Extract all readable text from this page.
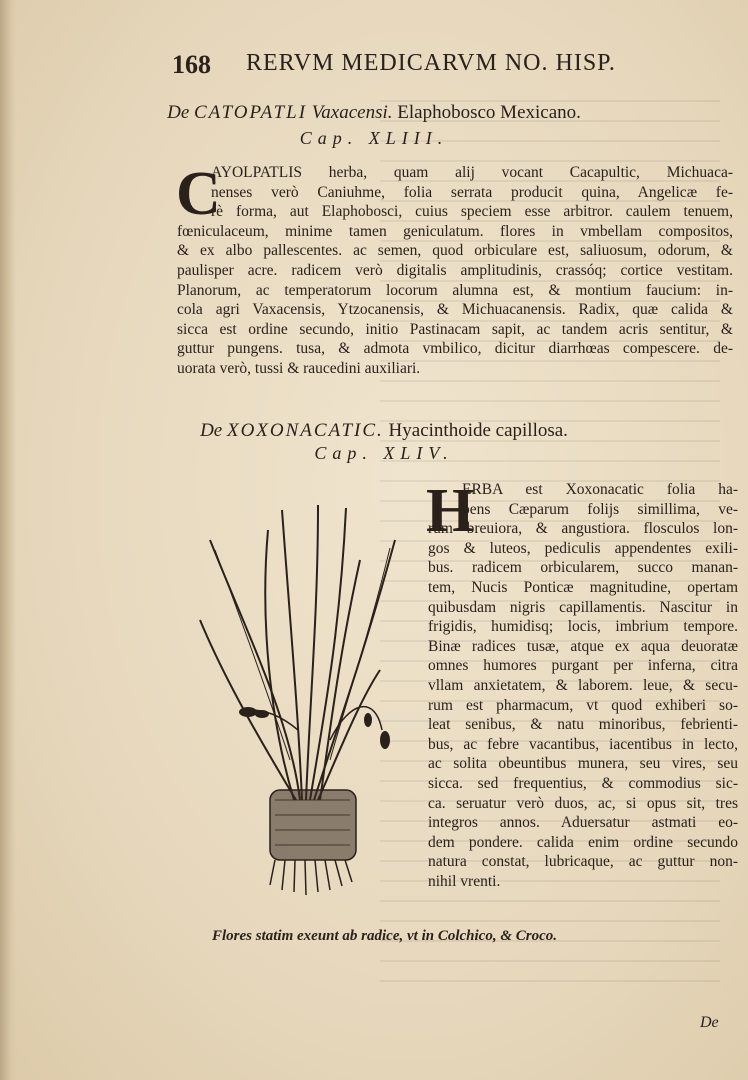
168 RERVM MEDICARVM NO. HISP.
De CATOPATLI Vaxacensi. Elaphobosco Mexicano.
Cap. XLIII.
C
AYOLPATLIS herba, quam alij vocant Cacapultic, Michuaca-
nenses verò Caniuhme, folia serrata producit quina, Angelicæ fe-
rè forma, aut Elaphobosci, cuius speciem esse arbitror. caulem tenuem,
fœniculaceum, minime tamen geniculatum. flores in vmbellam compositos,
& ex albo pallescentes. ac semen, quod orbiculare est, saliuosum, odorum, &
paulisper acre. radicem verò digitalis amplitudinis, crassóq; cortice vestitam.
Planorum, ac temperatorum locorum alumna est, & montium faucium: in-
cola agri Vaxacensis, Ytzocanensis, & Michuacanensis. Radix, quæ calida &
sicca est ordine secundo, initio Pastinacam sapit, ac tandem acris sentitur, &
guttur pungens. tusa, & admota vmbilico, dicitur diarrhœas compescere. de-
uorata verò, tussi & raucedini auxiliari.
De XOXONACATIC. Hyacinthoide capillosa.
Cap. XLIV.
H
ERBA est Xoxonacatic folia ha-
bens Cæparum folijs simillima, ve-
rum breuiora, & angustiora. flosculos lon-
gos & luteos, pediculis appendentes exili-
bus. radicem orbicularem, succo manan-
tem, Nucis Ponticæ magnitudine, opertam
quibusdam nigris capillamentis. Nascitur in
frigidis, humidisq; locis, imbrium tempore.
Binæ radices tusæ, atque ex aqua deuoratæ
omnes humores purgant per inferna, citra
vllam anxietatem, & laborem. leue, & secu-
rum est pharmacum, vt quod exhiberi so-
leat senibus, & natu minoribus, febrienti-
bus, ac febre vacantibus, iacentibus in lecto,
ac solita obeuntibus munera, seu vires, seu
sicca. sed frequentius, & commodius sic-
ca. seruatur verò duos, ac, si opus sit, tres
integros annos. Aduersatur astmati eo-
dem pondere. calida enim ordine secundo
natura constat, lubricaque, ac guttur non-
nihil vrenti.
Flores statim exeunt ab radice, vt in Colchico, & Croco.
De
